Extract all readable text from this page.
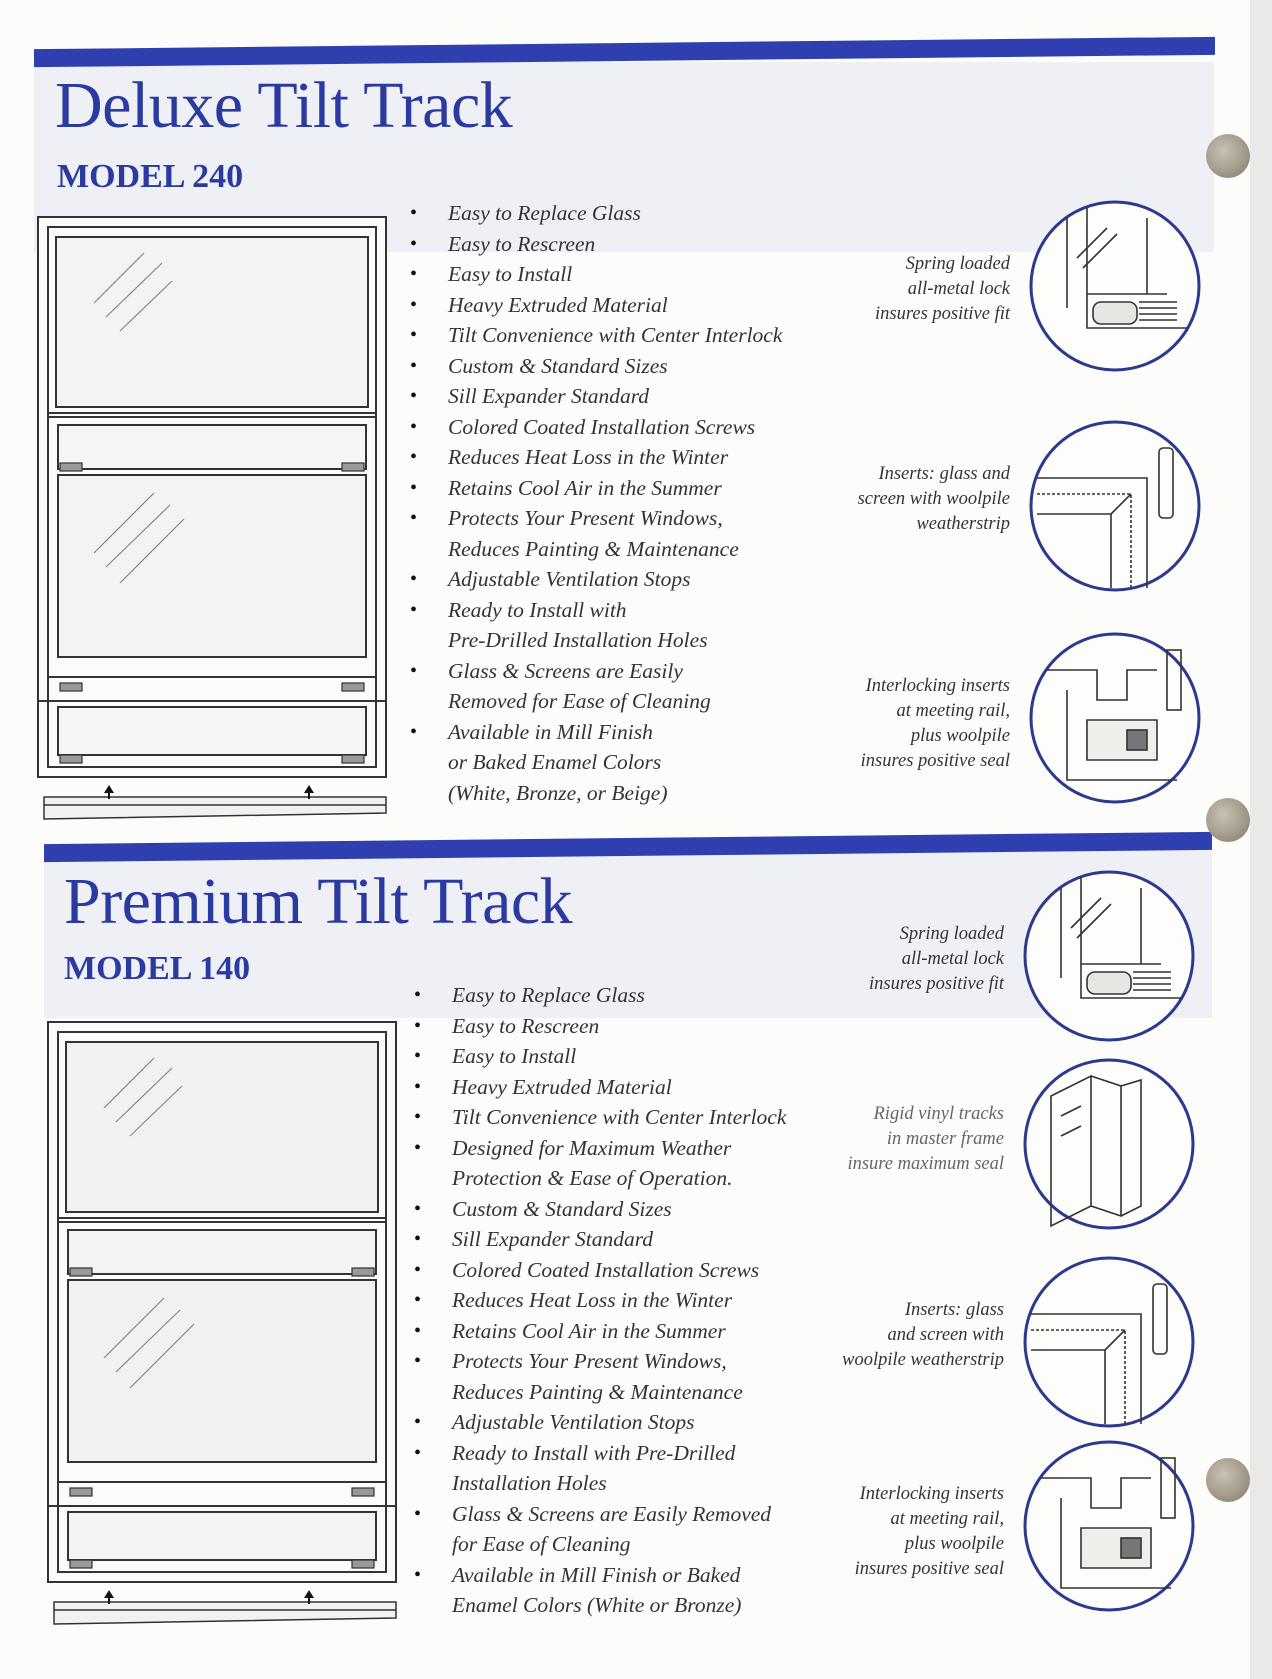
Deluxe Tilt Track
MODEL 240
• Easy to Replace Glass
• Easy to Rescreen
• Easy to Install
• Heavy Extruded Material
• Tilt Convenience with Center Interlock
• Custom & Standard Sizes
• Sill Expander Standard
• Colored Coated Installation Screws
• Reduces Heat Loss in the Winter
• Retains Cool Air in the Summer
• Protects Your Present Windows,
Reduces Painting & Maintenance
• Adjustable Ventilation Stops
• Ready to Install with
Pre-Drilled Installation Holes
• Glass & Screens are Easily
Removed for Ease of Cleaning
• Available in Mill Finish
or Baked Enamel Colors
(White, Bronze, or Beige)
Spring loaded
all-metal lock
insures positive fit
Inserts: glass and
screen with woolpile
weatherstrip
Interlocking inserts
at meeting rail,
plus woolpile
insures positive seal
Premium Tilt Track
MODEL 140
• Easy to Replace Glass
• Easy to Rescreen
• Easy to Install
• Heavy Extruded Material
• Tilt Convenience with Center Interlock
• Designed for Maximum Weather
Protection & Ease of Operation.
• Custom & Standard Sizes
• Sill Expander Standard
• Colored Coated Installation Screws
• Reduces Heat Loss in the Winter
• Retains Cool Air in the Summer
• Protects Your Present Windows,
Reduces Painting & Maintenance
• Adjustable Ventilation Stops
• Ready to Install with Pre-Drilled
Installation Holes
• Glass & Screens are Easily Removed
for Ease of Cleaning
• Available in Mill Finish or Baked
Enamel Colors (White or Bronze)
Spring loaded
all-metal lock
insures positive fit
Rigid vinyl tracks
in master frame
insure maximum seal
Inserts: glass
and screen with
woolpile weatherstrip
Interlocking inserts
at meeting rail,
plus woolpile
insures positive seal
